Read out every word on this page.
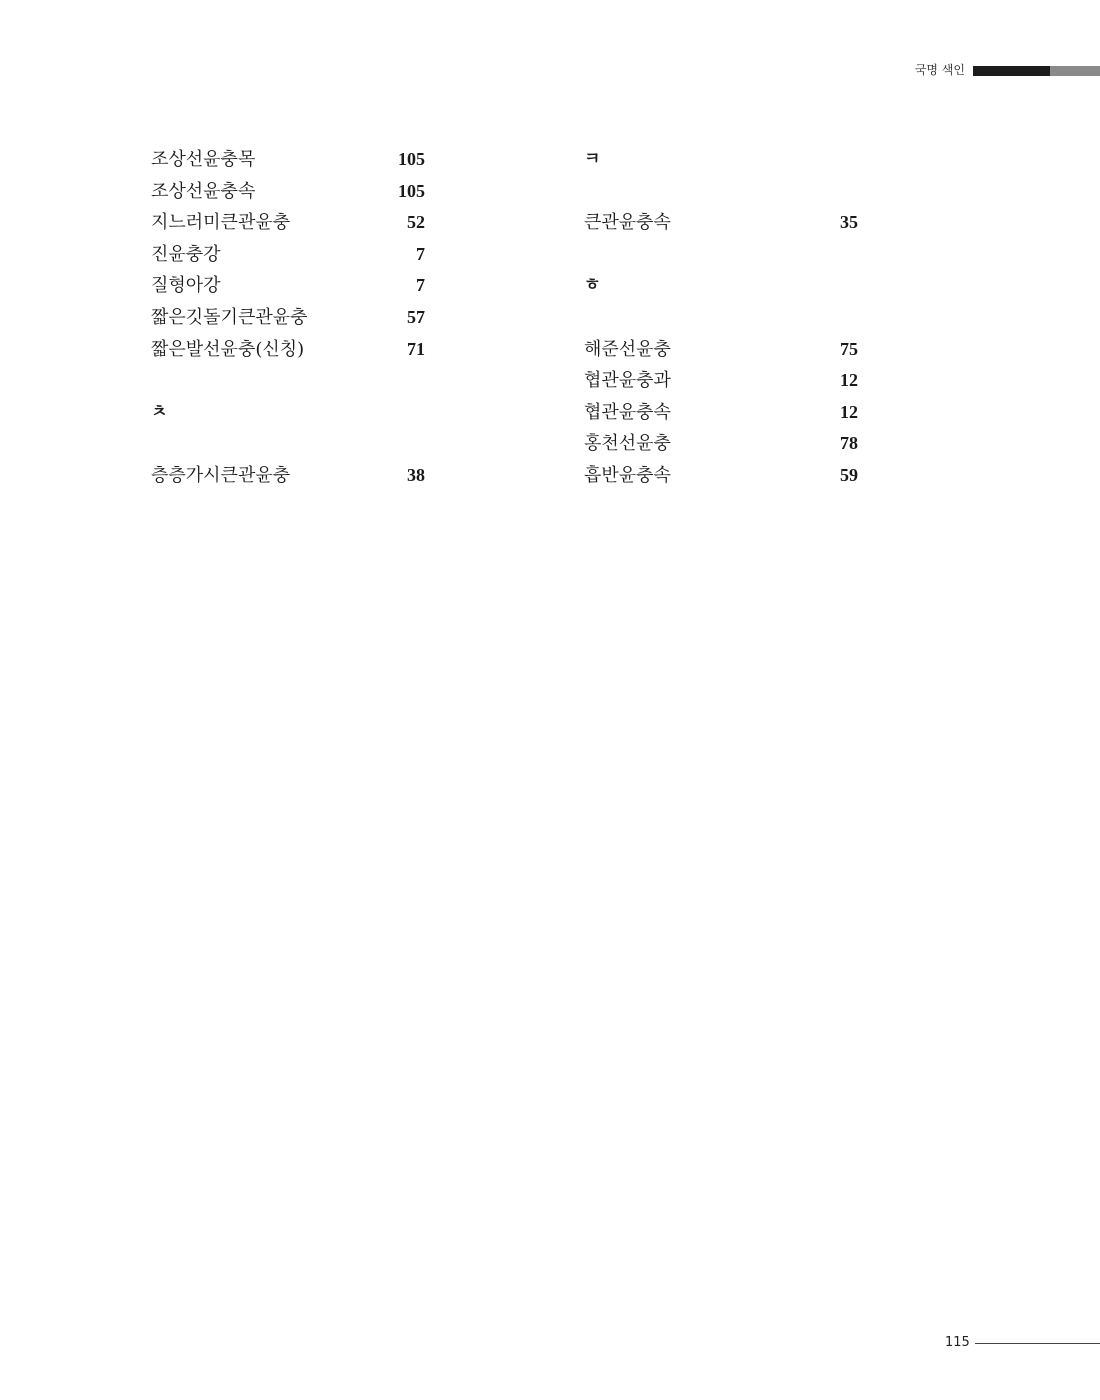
국명 색인
조상선윤충목	105
조상선윤충속	105
지느러미큰관윤충	52
진윤충강	7
질형아강	7
짧은깃돌기큰관윤충	57
짧은발선윤충(신칭)	71
ㅊ
층층가시큰관윤충	38
ㅋ
큰관윤충속	35
ㅎ
해준선윤충	75
협관윤충과	12
협관윤충속	12
홍천선윤충	78
흡반윤충속	59
115
